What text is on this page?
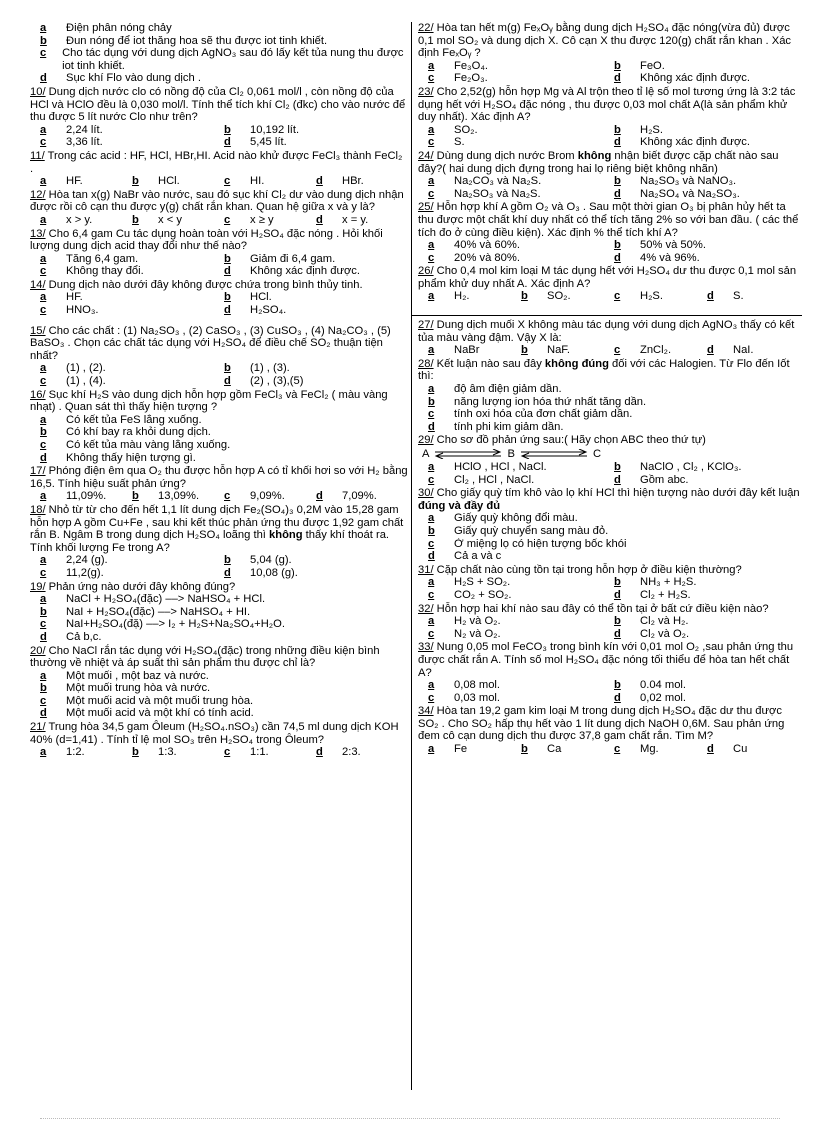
a	Điện phân nóng chảy
b	Đun nóng để iot thăng hoa sẽ thu được iot tinh khiết.
c	Cho tác dụng với dung dịch AgNO₃ sau đó lấy kết tủa nung thu được iot tinh khiết.
d	Sục khí Flo vào dung dịch .
10/ Dung dịch nước clo có nồng độ của Cl₂ 0,061 mol/l , còn nồng độ của HCl và HClO đều là 0,030 mol/l. Tính thể tích khí Cl₂ (đkc) cho vào nước để thu được 5 lít nước Clo như trên?
a	2,24 lít.	b	10,192 lít.
c	3,36 lít.	d	5,45 lít.
11/ Trong các acid : HF, HCl, HBr,HI. Acid nào khử được FeCl₃ thành FeCl₂ .
a	HF.	b	HCl.	c	HI.	d	HBr.
12/ Hòa tan x(g) NaBr vào nước, sau đó sục khí Cl₂ dư vào dung dịch nhận được rồi cô cạn thu được y(g) chất rắn khan. Quan hệ giữa x và y là?
a	x > y.	b	x < y	c	x ≥ y	d	x = y.
13/ Cho 6,4 gam Cu tác dụng hoàn toàn với H₂SO₄ đặc nóng . Hỏi khối lượng dung dịch acid thay đổi như thế nào?
a	Tăng 6,4 gam.	b	Giảm đi 6,4 gam.
c	Không thay đổi.	d	Không xác định được.
14/ Dung dịch nào dưới đây không được chứa trong bình thủy tinh.
a	HF.	b	HCl.
c	HNO₃.	d	H₂SO₄.
15/ Cho các chất : (1) Na₂SO₃ , (2) CaSO₃ , (3) CuSO₃ , (4) Na₂CO₃ , (5) BaSO₃ . Chọn các chất tác dụng với H₂SO₄ để điều chế SO₂ thuận tiện nhất?
a	(1) , (2).	b	(1) , (3).
c	(1) , (4).	d	(2) , (3),(5)
16/ Sục khí H₂S vào dung dịch hỗn hợp gồm FeCl₃ và FeCl₂ ( màu vàng nhạt) . Quan sát thì thấy hiện tượng ?
a	Có kết tủa FeS lắng xuống.
b	Có khí bay ra khỏi dung dịch.
c	Có kết tủa màu vàng lắng xuống.
d	Không thấy hiện tượng gì.
17/ Phóng điện êm qua O₂ thu được hỗn hợp A có tỉ khối hơi so với H₂ bằng 16,5. Tính hiệu suất phản ứng?
a	11,09%. b	13,09%. c	9,09%.	d	7,09%.
18/ Nhỏ từ từ cho đến hết 1,1 lít dung dịch Fe₂(SO₄)₃ 0,2M vào 15,28 gam hỗn hợp A gồm Cu+Fe , sau khi kết thúc phản ứng thu được 1,92 gam chất rắn B. Ngâm B trong dung dịch H₂SO₄ loãng thì không thấy khí thoát ra. Tính khối lượng Fe trong A?
a	2,24 (g).	b	5,04 (g).
c	11,2(g).	d	10,08 (g).
19/ Phản ứng nào dưới đây không đúng?
a	NaCl + H₂SO₄(đặc) ––> NaHSO₄ + HCl.
b	NaI + H₂SO₄(đặc) ––> NaHSO₄ + HI.
c	NaI+H₂SO₄(đặ) ––> I₂ + H₂S+Na₂SO₄+H₂O.
d	Cả b,c.
20/ Cho NaCl rắn tác dụng với H₂SO₄(đặc) trong những điều kiện bình thường về nhiệt và áp suất thì sản phẩm thu được chỉ là?
a	Một muối , một baz và nước.
b	Một muối trung hòa và nước.
c	Một muối acid và một muối trung hòa.
d	Một muối acid và một khí có tính acid.
21/ Trung hòa 34,5 gam Ôleum (H₂SO₄.nSO₃) cần 74,5 ml dung dịch KOH 40% (d=1,41) . Tính tỉ lệ mol SO₃ trên H₂SO₄ trong Ôleum?
a	1:2.	b	1:3.	c	1:1.	d	2:3.
22/ Hòa tan hết m(g) FeₓOᵧ bằng dung dịch H₂SO₄ đặc nóng(vừa đủ) được 0,1 mol SO₂ và dung dịch X. Cô cạn X thu được 120(g) chất rắn khan . Xác định FeₓOᵧ ?
a	Fe₃O₄.	b	FeO.
c	Fe₂O₃.	d	Không xác định được.
23/ Cho 2,52(g) hỗn hợp Mg và Al trộn theo tỉ lệ số mol tương ứng là 3:2 tác dụng hết với H₂SO₄ đặc nóng , thu được 0,03 mol chất A(là sản phẩm khử duy nhất). Xác định A?
a	SO₂.	b	H₂S.
c	S.	d	Không xác định được.
24/ Dùng dung dịch nước Brom không nhận biết được cặp chất nào sau đây?( hai dung dịch đựng trong hai lọ riêng biệt không nhãn)
a	Na₂CO₃ và Na₂S.	b	Na₂SO₃ và NaNO₃.
c	Na₂SO₃ và Na₂S.	d	Na₂SO₄ và Na₂SO₃.
25/ Hỗn hợp khí A gồm O₂ và O₃ . Sau một thời gian O₃ bị phân hủy hết ta thu được một chất khí duy nhất có thể tích tăng 2% so với ban đầu. ( các thể tích đo ở cùng điều kiện). Xác định % thể tích khí A?
a	40% và 60%.	b	50% và 50%.
c	20% và 80%.	d	4% và 96%.
26/ Cho 0,4 mol kim loại M tác dụng hết với H₂SO₄ dư thu được 0,1 mol sản phẩm khử duy nhất A. Xác định A?
a	H₂.	b	SO₂.	c	H₂S.	d	S.
27/ Dung dịch muối X không màu tác dụng với dung dịch AgNO₃ thấy có kết tủa màu vàng đậm. Vậy X là:
a	NaBr	b	NaF.	c	ZnCl₂.	d	NaI.
28/ Kết luận nào sau đây không đúng đối với các Halogien. Từ Flo đến Iốt thì:
a	độ âm điện giảm dần.
b	năng lượng ion hóa thứ nhất tăng dần.
c	tính oxi hóa của đơn chất giảm dần.
d	tính phi kim giảm dần.
29/ Cho sơ đồ phản ứng sau:( Hãy chọn ABC theo thứ tự)
A	B	C
a	HClO , HCl , NaCl.	b	NaClO , Cl₂ , KClO₃.
c	Cl₂ , HCl , NaCl.	d	Gồm abc.
30/ Cho giấy quỳ tím khô vào lọ khí HCl thì hiện tượng nào dưới đây kết luận đúng và đầy đủ
a	Giấy quỳ không đổi màu.
b	Giấy quỳ chuyển sang màu đỏ.
c	Ở miệng lọ có hiện tượng bốc khói
d	Cả a và c
31/ Cặp chất nào cùng tồn tại trong hỗn hợp ở điều kiện thường?
a	H₂S + SO₂.	b	NH₃ + H₂S.
c	CO₂ + SO₂.	d	Cl₂ + H₂S.
32/ Hỗn hợp hai khí nào sau đây có thể tồn tại ở bất cứ điều kiện nào?
a	H₂ và O₂.	b	Cl₂ và H₂.
c	N₂ và O₂.	d	Cl₂ và O₂.
33/ Nung 0,05 mol FeCO₃ trong bình kín với 0,01 mol O₂ ,sau phản ứng thu được chất rắn A. Tính số mol H₂SO₄ đặc nóng tối thiểu để hòa tan hết chất A?
a	0,08 mol.	b	0.04 mol.
c	0,03 mol.	d	0,02 mol.
34/ Hòa tan 19,2 gam kim loại M trong dung dịch H₂SO₄ đặc dư thu được SO₂ . Cho SO₂ hấp thụ hết vào 1 lít dung dịch NaOH 0,6M. Sau phản ứng đem cô cạn dung dịch thu được 37,8 gam chất rắn. Tìm M?
a	Fe	b	Ca	c	Mg.	d	Cu
